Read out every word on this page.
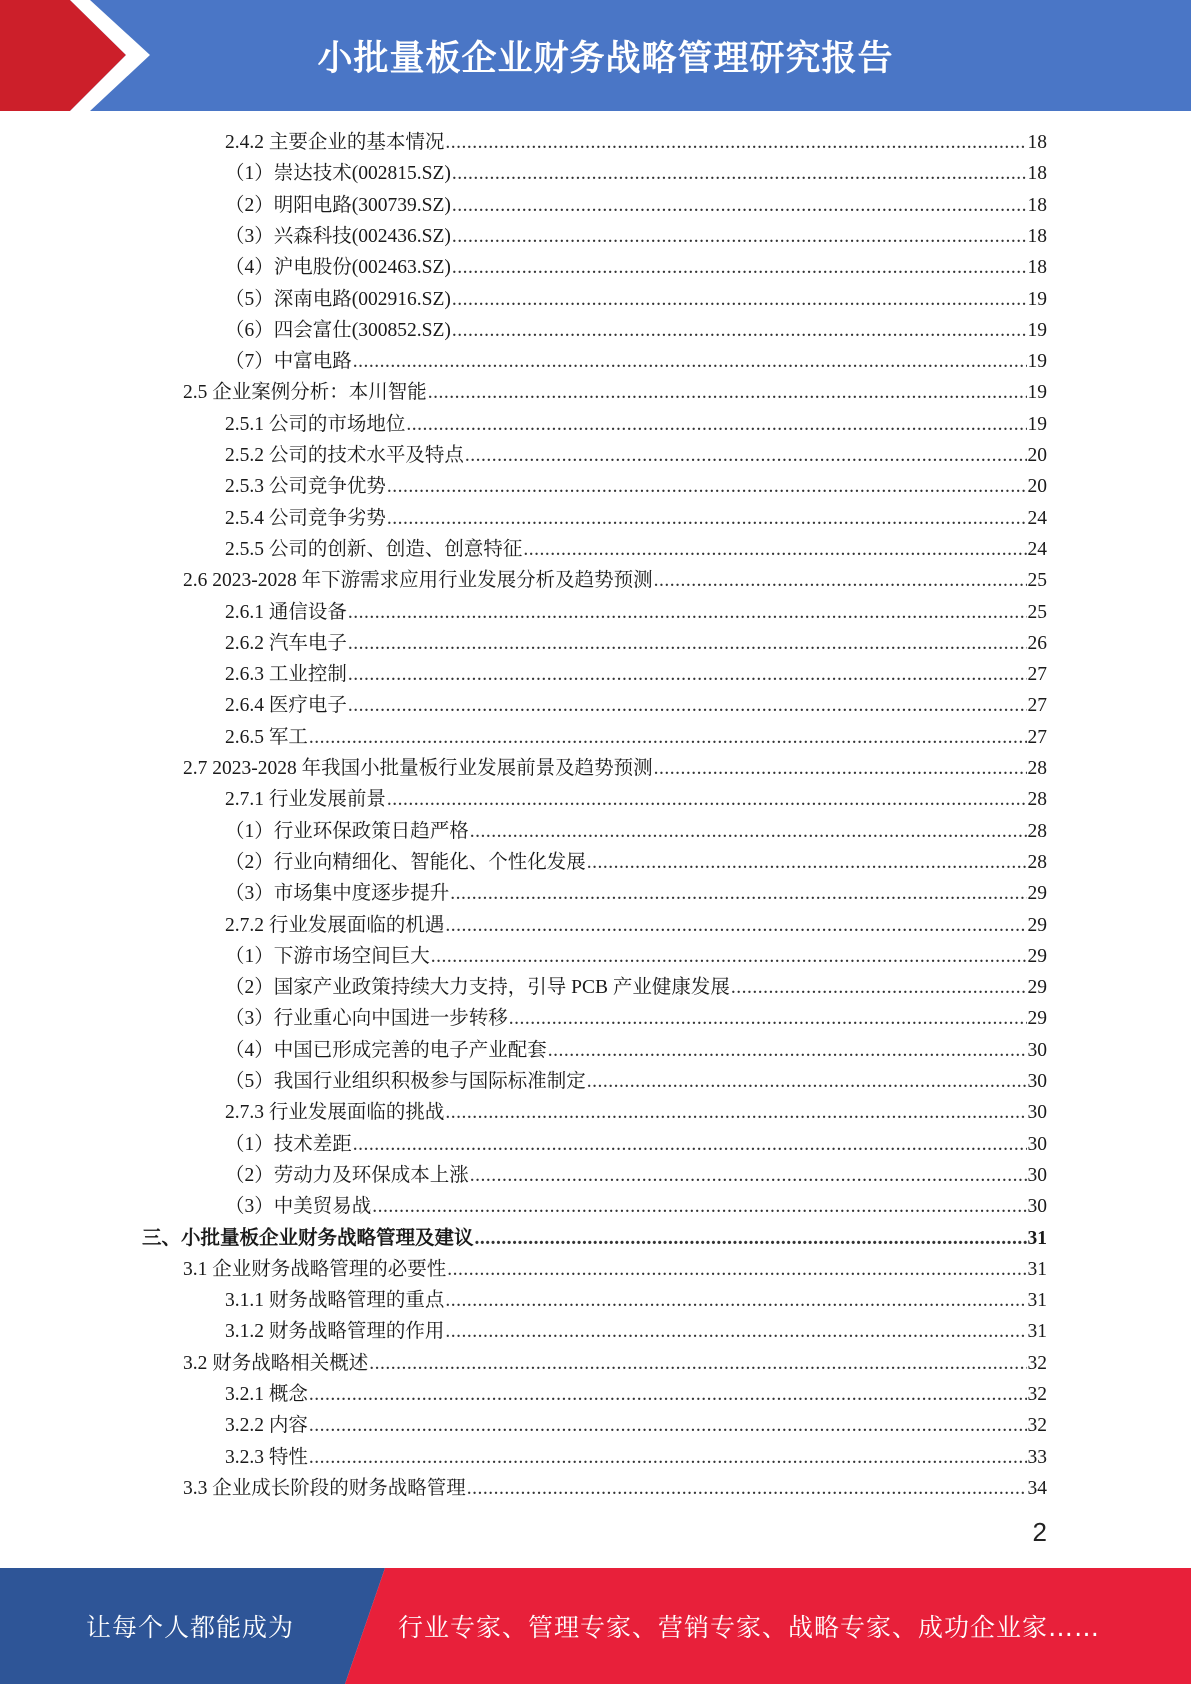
小批量板企业财务战略管理研究报告
2.4.2 主要企业的基本情况 .....	18
（1）崇达技术(002815.SZ) .....	18
（2）明阳电路(300739.SZ) .....	18
（3）兴森科技(002436.SZ) .....	18
（4）沪电股份(002463.SZ) .....	18
（5）深南电路(002916.SZ) .....	19
（6）四会富仕(300852.SZ) .....	19
（7）中富电路 .....	19
2.5 企业案例分析：本川智能 .....	19
2.5.1 公司的市场地位 .....	19
2.5.2 公司的技术水平及特点 .....	20
2.5.3 公司竞争优势 .....	20
2.5.4 公司竞争劣势 .....	24
2.5.5 公司的创新、创造、创意特征 .....	24
2.6 2023-2028 年下游需求应用行业发展分析及趋势预测 .....	25
2.6.1 通信设备 .....	25
2.6.2 汽车电子 .....	26
2.6.3 工业控制 .....	27
2.6.4 医疗电子 .....	27
2.6.5 军工 .....	27
2.7 2023-2028 年我国小批量板行业发展前景及趋势预测 .....	28
2.7.1 行业发展前景 .....	28
（1）行业环保政策日趋严格 .....	28
（2）行业向精细化、智能化、个性化发展 .....	28
（3）市场集中度逐步提升 .....	29
2.7.2 行业发展面临的机遇 .....	29
（1）下游市场空间巨大 .....	29
（2）国家产业政策持续大力支持，引导 PCB 产业健康发展 .....	29
（3）行业重心向中国进一步转移 .....	29
（4）中国已形成完善的电子产业配套 .....	30
（5）我国行业组织积极参与国际标准制定 .....	30
2.7.3 行业发展面临的挑战 .....	30
（1）技术差距 .....	30
（2）劳动力及环保成本上涨 .....	30
（3）中美贸易战 .....	30
三、小批量板企业财务战略管理及建议 .....	31
3.1 企业财务战略管理的必要性 .....	31
3.1.1 财务战略管理的重点 .....	31
3.1.2 财务战略管理的作用 .....	31
3.2 财务战略相关概述 .....	32
3.2.1 概念 .....	32
3.2.2 内容 .....	32
3.2.3 特性 .....	33
3.3 企业成长阶段的财务战略管理 .....	34
2
让每个人都能成为	行业专家、管理专家、营销专家、战略专家、成功企业家……
